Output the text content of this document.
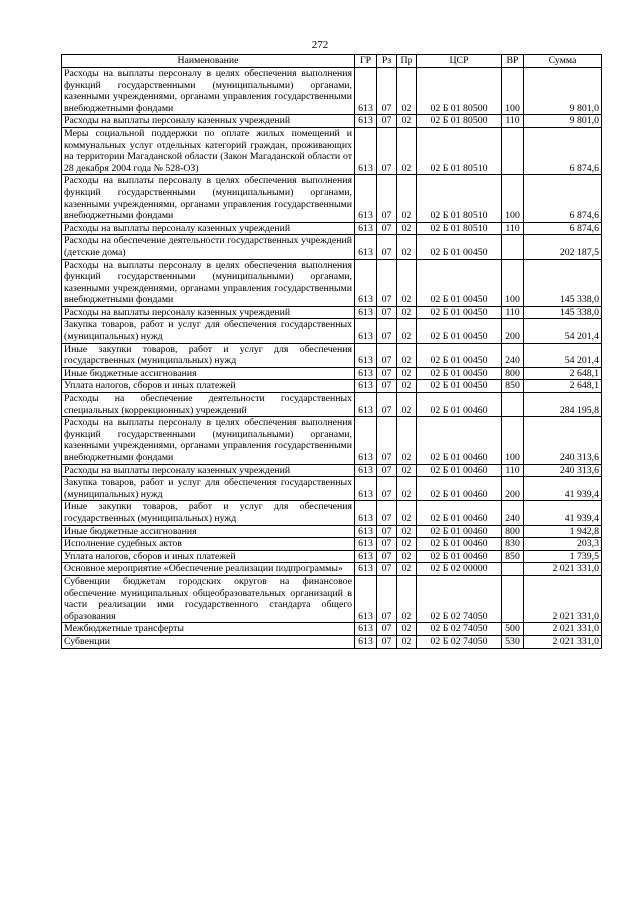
272
Наименование	ГР	Рз	Пр	ЦСР	ВР	Сумма
Расходы на выплаты персоналу в целях обеспечения выполнения функций государственными (муниципальными) органами, казенными учреждениями, органами управления государственными внебюджетными фондами	613	07	02	02 Б 01 80500	100	9 801,0
Расходы на выплаты персоналу казенных учреждений	613	07	02	02 Б 01 80500	110	9 801,0
Меры социальной поддержки по оплате жилых помещений и коммунальных услуг отдельных категорий граждан, проживающих на территории Магаданской области (Закон Магаданской области от 28 декабря 2004 года № 528-ОЗ)	613	07	02	02 Б 01 80510		6 874,6
Расходы на выплаты персоналу в целях обеспечения выполнения функций государственными (муниципальными) органами, казенными учреждениями, органами управления государственными внебюджетными фондами	613	07	02	02 Б 01 80510	100	6 874,6
Расходы на выплаты персоналу казенных учреждений	613	07	02	02 Б 01 80510	110	6 874,6
Расходы на обеспечение деятельности государственных учреждений (детские дома)	613	07	02	02 Б 01 00450		202 187,5
Расходы на выплаты персоналу в целях обеспечения выполнения функций государственными (муниципальными) органами, казенными учреждениями, органами управления государственными внебюджетными фондами	613	07	02	02 Б 01 00450	100	145 338,0
Расходы на выплаты персоналу казенных учреждений	613	07	02	02 Б 01 00450	110	145 338,0
Закупка товаров, работ и услуг для обеспечения государственных (муниципальных) нужд	613	07	02	02 Б 01 00450	200	54 201,4
Иные закупки товаров, работ и услуг для обеспечения государственных (муниципальных) нужд	613	07	02	02 Б 01 00450	240	54 201,4
Иные бюджетные ассигнования	613	07	02	02 Б 01 00450	800	2 648,1
Уплата налогов, сборов и иных платежей	613	07	02	02 Б 01 00450	850	2 648,1
Расходы на обеспечение деятельности государственных специальных (коррекционных) учреждений	613	07	02	02 Б 01 00460		284 195,8
Расходы на выплаты персоналу в целях обеспечения выполнения функций государственными (муниципальными) органами, казенными учреждениями, органами управления государственными внебюджетными фондами	613	07	02	02 Б 01 00460	100	240 313,6
Расходы на выплаты персоналу казенных учреждений	613	07	02	02 Б 01 00460	110	240 313,6
Закупка товаров, работ и услуг для обеспечения государственных (муниципальных) нужд	613	07	02	02 Б 01 00460	200	41 939,4
Иные закупки товаров, работ и услуг для обеспечения государственных (муниципальных) нужд	613	07	02	02 Б 01 00460	240	41 939,4
Иные бюджетные ассигнования	613	07	02	02 Б 01 00460	800	1 942,8
Исполнение судебных актов	613	07	02	02 Б 01 00460	830	203,3
Уплата налогов, сборов и иных платежей	613	07	02	02 Б 01 00460	850	1 739,5
Основное мероприятие «Обеспечение реализации подпрограммы»	613	07	02	02 Б 02 00000		2 021 331,0
Субвенции бюджетам городских округов на финансовое обеспечение муниципальных общеобразовательных организаций в части реализации ими государственного стандарта общего образования	613	07	02	02 Б 02 74050		2 021 331,0
Межбюджетные трансферты	613	07	02	02 Б 02 74050	500	2 021 331,0
Субвенции	613	07	02	02 Б 02 74050	530	2 021 331,0
